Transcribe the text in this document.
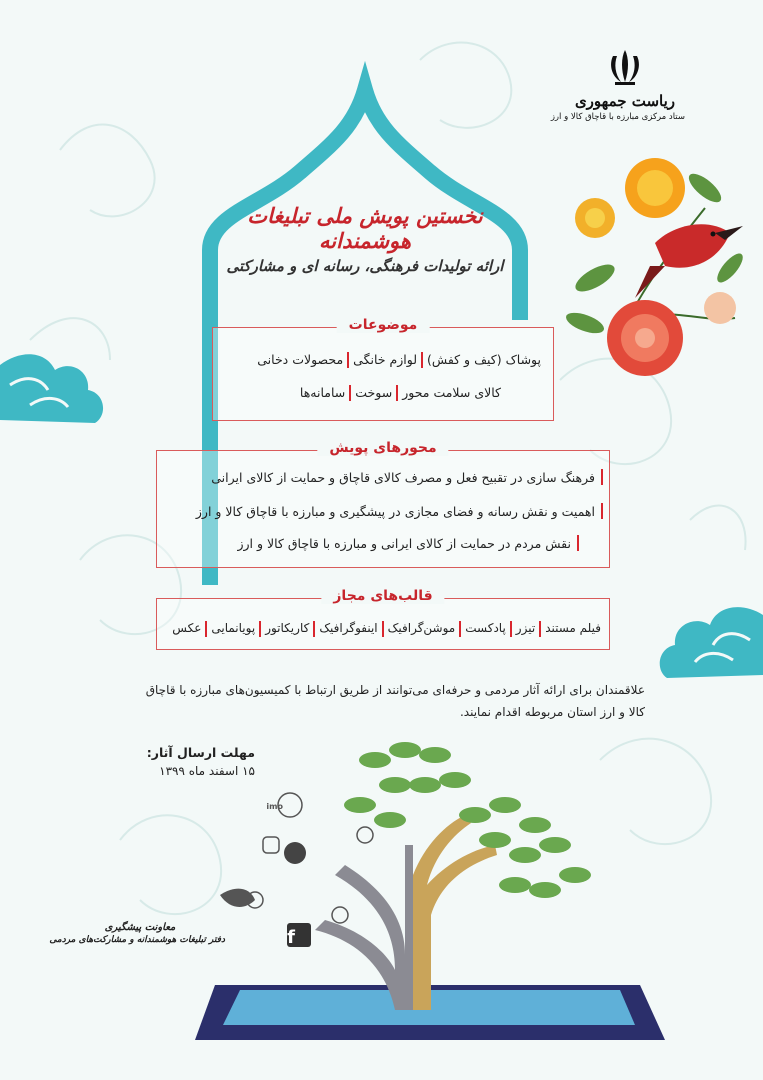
ریاست جمهوری
ستاد مرکزی مبارزه با قاچاق کالا و ارز
نخستین پویش ملی تبلیغات هوشمندانه
ارائه تولیدات فرهنگی، رسانه ای و مشارکتی
موضوعات
پوشاک (کیف و کفش)
لوازم خانگی
محصولات دخانی
کالای سلامت محور
سوخت
سامانه‌ها
محورهای پویش
فرهنگ سازی در تقبیح فعل و مصرف کالای قاچاق و حمایت از کالای ایرانی
اهمیت و نقش رسانه و فضای مجازی در پیشگیری و مبارزه با قاچاق کالا و ارز
نقش مردم در حمایت از کالای ایرانی و مبارزه با قاچاق کالا و ارز
قالب‌های مجاز
فیلم مستند
تیزر
پادکست
موشن‌گرافیک
اینفوگرافیک
کاریکاتور
پویانمایی
عکس
علاقمندان برای ارائه آثار مردمی و حرفه‌ای می‌توانند از طریق ارتباط با کمیسیون‌های مبارزه با قاچاق
کالا و ارز استان مربوطه اقدام نمایند.
مهلت ارسال آثار:
۱۵ اسفند ماه ۱۳۹۹
f
imo
معاونت پیشگیری
دفتر تبلیغات هوشمندانه و مشارکت‌های مردمی
